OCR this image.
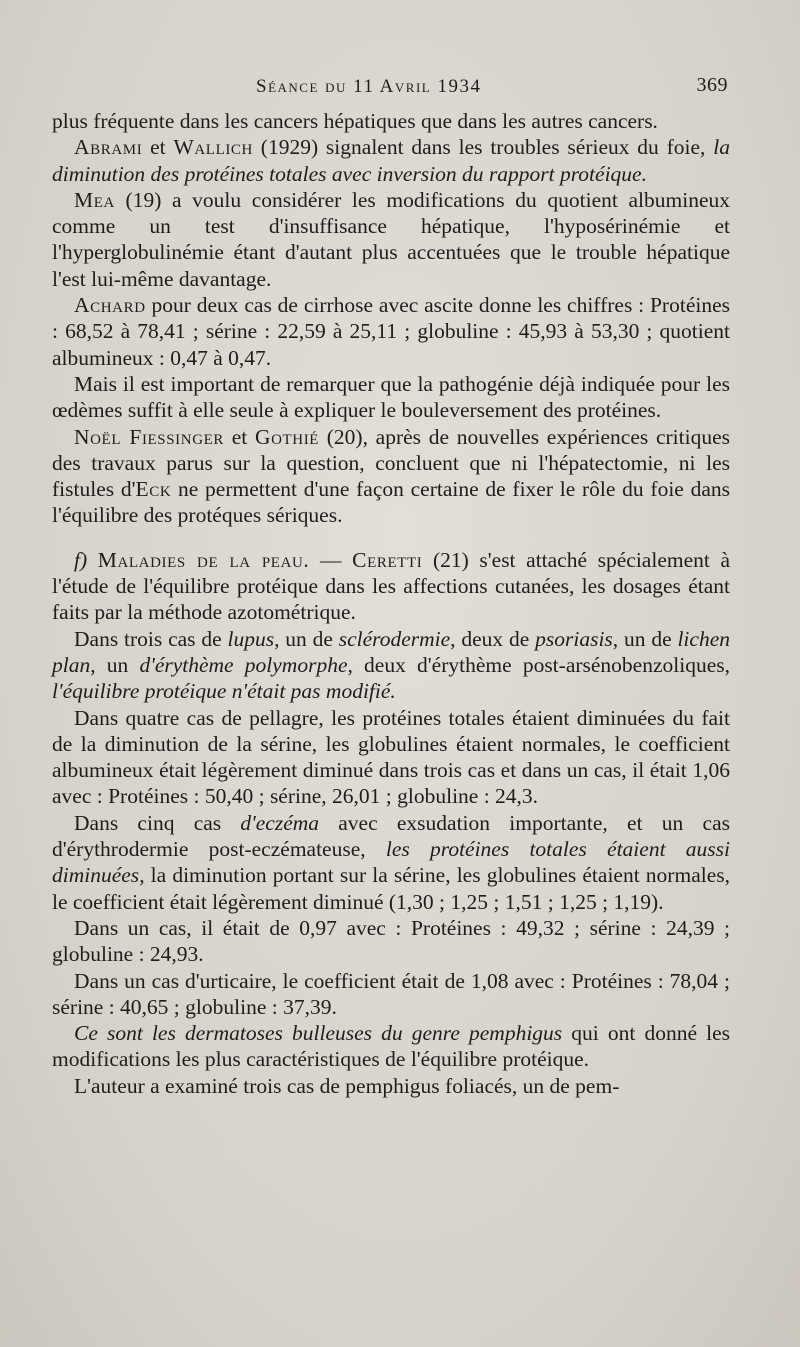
Séance du 11 Avril 1934	369

plus fréquente dans les cancers hépatiques que dans les autres cancers.

Abrami et Wallich (1929) signalent dans les troubles sérieux du foie, la diminution des protéines totales avec inversion du rapport protéique.

Mea (19) a voulu considérer les modifications du quotient albumineux comme un test d'insuffisance hépatique, l'hyposérinémie et l'hyperglobulinémie étant d'autant plus accentuées que le trouble hépatique l'est lui-même davantage.

Achard pour deux cas de cirrhose avec ascite donne les chiffres : Protéines : 68,52 à 78,41 ; sérine : 22,59 à 25,11 ; globuline : 45,93 à 53,30 ; quotient albumineux : 0,47 à 0,47.

Mais il est important de remarquer que la pathogénie déjà indiquée pour les œdèmes suffit à elle seule à expliquer le bouleversement des protéines.

Noël Fiessinger et Gothié (20), après de nouvelles expériences critiques des travaux parus sur la question, concluent que ni l'hépatectomie, ni les fistules d'Eck ne permettent d'une façon certaine de fixer le rôle du foie dans l'équilibre des protéques sériques.

f) Maladies de la peau. — Ceretti (21) s'est attaché spécialement à l'étude de l'équilibre protéique dans les affections cutanées, les dosages étant faits par la méthode azotométrique.

Dans trois cas de lupus, un de sclérodermie, deux de psoriasis, un de lichen plan, un d'érythème polymorphe, deux d'érythème post-arsénobenzoliques, l'équilibre protéique n'était pas modifié.

Dans quatre cas de pellagre, les protéines totales étaient diminuées du fait de la diminution de la sérine, les globulines étaient normales, le coefficient albumineux était légèrement diminué dans trois cas et dans un cas, il était 1,06 avec : Protéines : 50,40 ; sérine, 26,01 ; globuline : 24,3.

Dans cinq cas d'eczéma avec exsudation importante, et un cas d'érythrodermie post-eczémateuse, les protéines totales étaient aussi diminuées, la diminution portant sur la sérine, les globulines étaient normales, le coefficient était légèrement diminué (1,30 ; 1,25 ; 1,51 ; 1,25 ; 1,19).

Dans un cas, il était de 0,97 avec : Protéines : 49,32 ; sérine : 24,39 ; globuline : 24,93.

Dans un cas d'urticaire, le coefficient était de 1,08 avec : Protéines : 78,04 ; sérine : 40,65 ; globuline : 37,39.

Ce sont les dermatoses bulleuses du genre pemphigus qui ont donné les modifications les plus caractéristiques de l'équilibre protéique.

L'auteur a examiné trois cas de pemphigus foliacés, un de pem-
